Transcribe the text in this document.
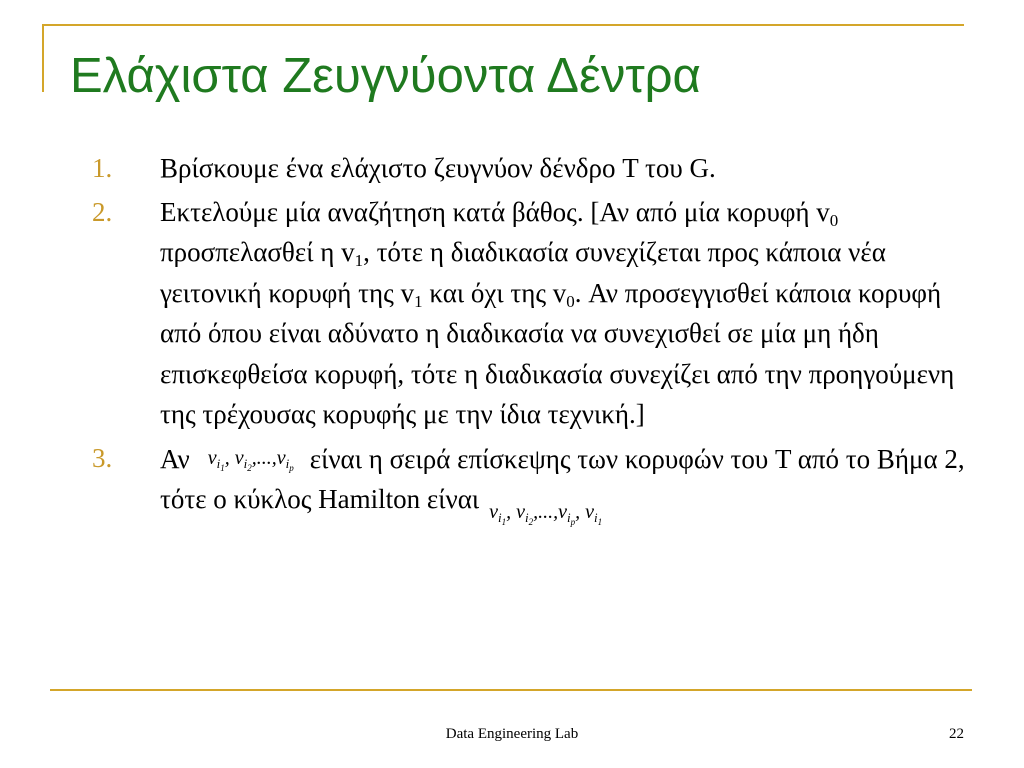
Ελάχιστα Ζευγνύοντα Δέντρα
1. Βρίσκουμε ένα ελάχιστο ζευγνύον δένδρο T του G.
2. Εκτελούμε μία αναζήτηση κατά βάθος. [Αν από μία κορυφή $v_0$ προσπελασθεί η $v_1$, τότε η διαδικασία συνεχίζεται προς κάποια νέα γειτονική κορυφή της $v_1$ και όχι της $v_0$. Αν προσεγγισθεί κάποια κορυφή από όπου είναι αδύνατο η διαδικασία να συνεχισθεί σε μία μη ήδη επισκεφθείσα κορυφή, τότε η διαδικασία συνεχίζει από την προηγούμενη της τρέχουσας κορυφής με την ίδια τεχνική.]
3. Αν $v_{i_1}$, $v_{i_2},...,v_{i_p}$ είναι η σειρά επίσκεψης των κορυφών του T από το Βήμα 2, τότε ο κύκλος Hamilton είναι $v_{i_1}$, $v_{i_2},...,v_{i_p}$, $v_{i_1}$
Data Engineering Lab	22
